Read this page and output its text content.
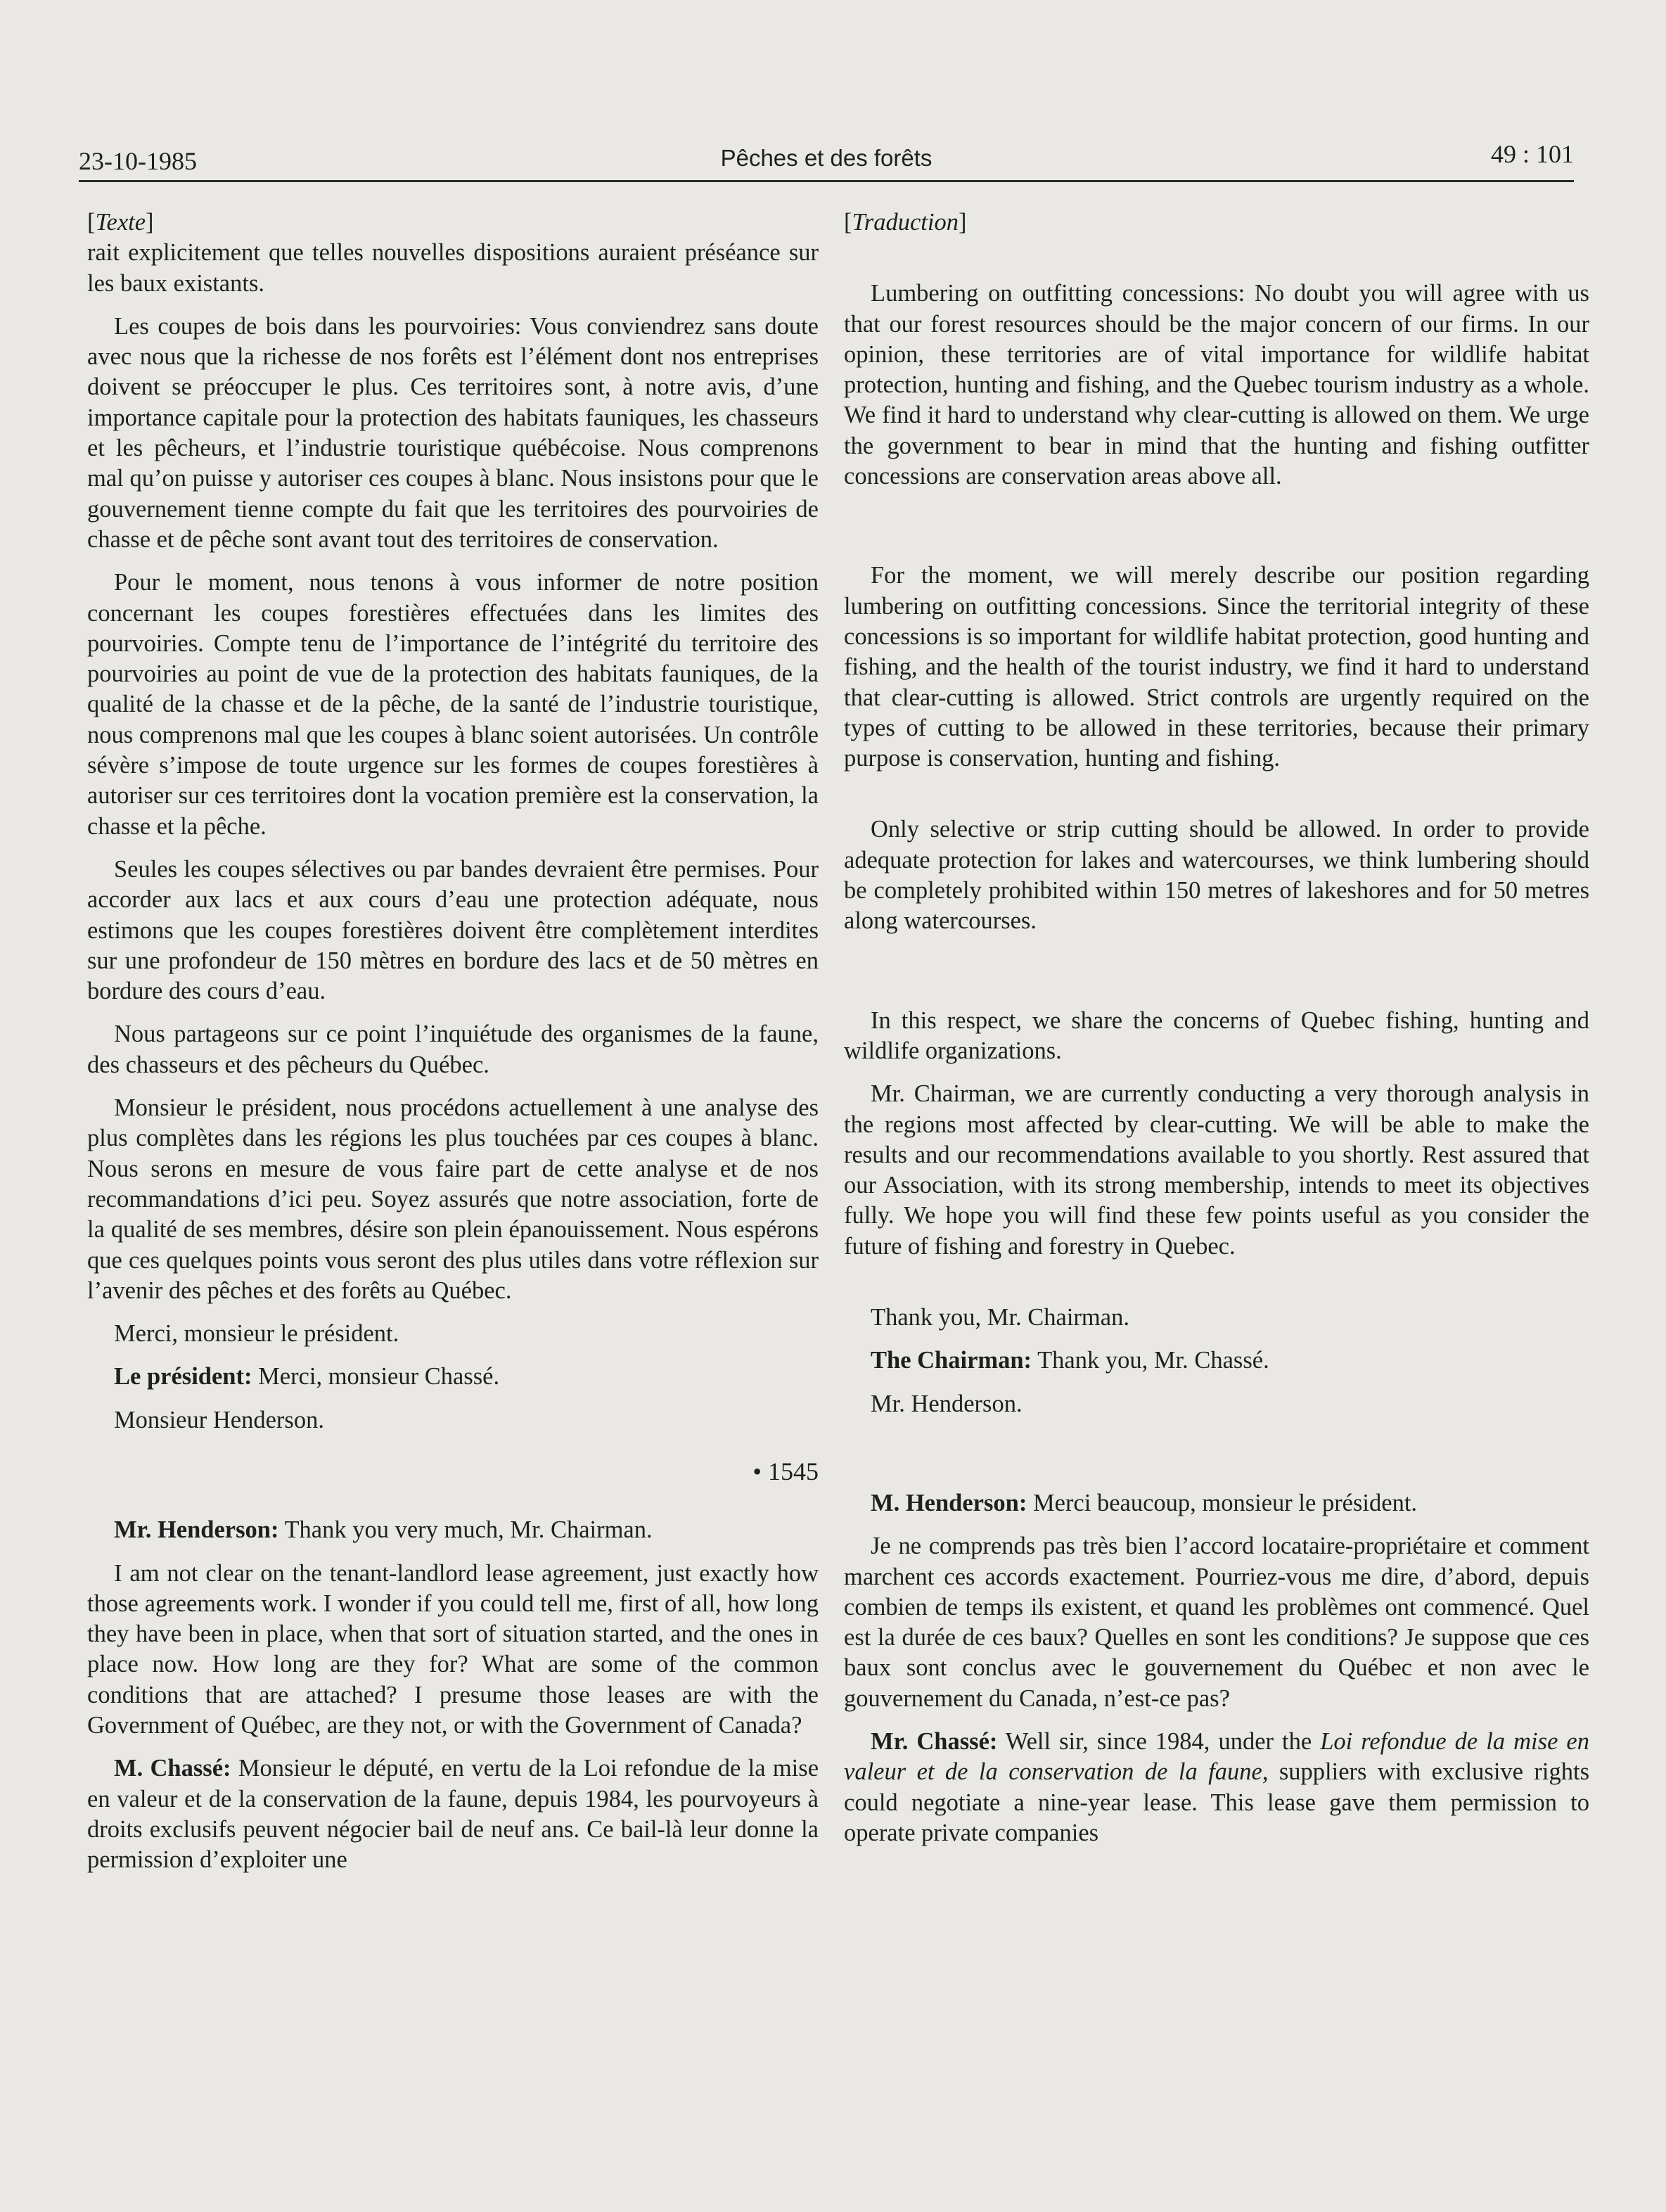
23-10-1985	Pêches et des forêts	49 : 101

[Texte]

rait explicitement que telles nouvelles dispositions auraient préséance sur les baux existants.

Les coupes de bois dans les pourvoiries: Vous conviendrez sans doute avec nous que la richesse de nos forêts est l’élément dont nos entreprises doivent se préoccuper le plus. Ces territoires sont, à notre avis, d’une importance capitale pour la protection des habitats fauniques, les chasseurs et les pêcheurs, et l’industrie touristique québécoise. Nous comprenons mal qu’on puisse y autoriser ces coupes à blanc. Nous insistons pour que le gouvernement tienne compte du fait que les territoires des pourvoiries de chasse et de pêche sont avant tout des territoires de conservation.

Pour le moment, nous tenons à vous informer de notre position concernant les coupes forestières effectuées dans les limites des pourvoiries. Compte tenu de l’importance de l’intégrité du territoire des pourvoiries au point de vue de la protection des habitats fauniques, de la qualité de la chasse et de la pêche, de la santé de l’industrie touristique, nous comprenons mal que les coupes à blanc soient autorisées. Un contrôle sévère s’impose de toute urgence sur les formes de coupes forestières à autoriser sur ces territoires dont la vocation première est la conservation, la chasse et la pêche.

Seules les coupes sélectives ou par bandes devraient être permises. Pour accorder aux lacs et aux cours d’eau une protection adéquate, nous estimons que les coupes forestières doivent être complètement interdites sur une profondeur de 150 mètres en bordure des lacs et de 50 mètres en bordure des cours d’eau.

Nous partageons sur ce point l’inquiétude des organismes de la faune, des chasseurs et des pêcheurs du Québec.

Monsieur le président, nous procédons actuellement à une analyse des plus complètes dans les régions les plus touchées par ces coupes à blanc. Nous serons en mesure de vous faire part de cette analyse et de nos recommandations d’ici peu. Soyez assurés que notre association, forte de la qualité de ses membres, désire son plein épanouissement. Nous espérons que ces quelques points vous seront des plus utiles dans votre réflexion sur l’avenir des pêches et des forêts au Québec.

Merci, monsieur le président.

Le président: Merci, monsieur Chassé.

Monsieur Henderson.

• 1545

Mr. Henderson: Thank you very much, Mr. Chairman.

I am not clear on the tenant-landlord lease agreement, just exactly how those agreements work. I wonder if you could tell me, first of all, how long they have been in place, when that sort of situation started, and the ones in place now. How long are they for? What are some of the common conditions that are attached? I presume those leases are with the Government of Québec, are they not, or with the Government of Canada?

M. Chassé: Monsieur le député, en vertu de la Loi refondue de la mise en valeur et de la conservation de la faune, depuis 1984, les pourvoyeurs à droits exclusifs peuvent négocier bail de neuf ans. Ce bail-là leur donne la permission d’exploiter une

[Traduction]

Lumbering on outfitting concessions: No doubt you will agree with us that our forest resources should be the major concern of our firms. In our opinion, these territories are of vital importance for wildlife habitat protection, hunting and fishing, and the Quebec tourism industry as a whole. We find it hard to understand why clear-cutting is allowed on them. We urge the government to bear in mind that the hunting and fishing outfitter concessions are conservation areas above all.

For the moment, we will merely describe our position regarding lumbering on outfitting concessions. Since the territorial integrity of these concessions is so important for wildlife habitat protection, good hunting and fishing, and the health of the tourist industry, we find it hard to understand that clear-cutting is allowed. Strict controls are urgently required on the types of cutting to be allowed in these territories, because their primary purpose is conservation, hunting and fishing.

Only selective or strip cutting should be allowed. In order to provide adequate protection for lakes and watercourses, we think lumbering should be completely prohibited within 150 metres of lakeshores and for 50 metres along watercourses.

In this respect, we share the concerns of Quebec fishing, hunting and wildlife organizations.

Mr. Chairman, we are currently conducting a very thorough analysis in the regions most affected by clear-cutting. We will be able to make the results and our recommendations available to you shortly. Rest assured that our Association, with its strong membership, intends to meet its objectives fully. We hope you will find these few points useful as you consider the future of fishing and forestry in Quebec.

Thank you, Mr. Chairman.

The Chairman: Thank you, Mr. Chassé.

Mr. Henderson.

M. Henderson: Merci beaucoup, monsieur le président.

Je ne comprends pas très bien l’accord locataire-propriétaire et comment marchent ces accords exactement. Pourriez-vous me dire, d’abord, depuis combien de temps ils existent, et quand les problèmes ont commencé. Quel est la durée de ces baux? Quelles en sont les conditions? Je suppose que ces baux sont conclus avec le gouvernement du Québec et non avec le gouvernement du Canada, n’est-ce pas?

Mr. Chassé: Well sir, since 1984, under the Loi refondue de la mise en valeur et de la conservation de la faune, suppliers with exclusive rights could negotiate a nine-year lease. This lease gave them permission to operate private companies
